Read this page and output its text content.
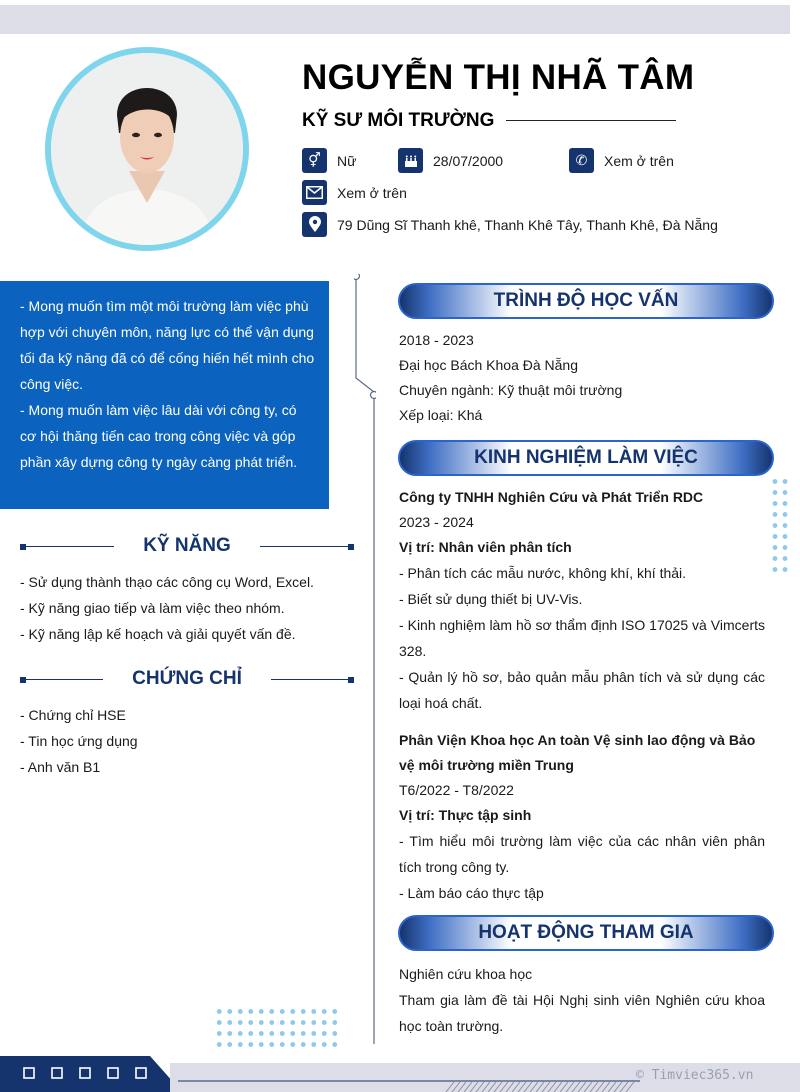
NGUYỄN THỊ NHÃ TÂM
KỸ SƯ MÔI TRƯỜNG
⚥	Nữ	28/07/2000	✆	Xem ở trên
Xem ở trên
79 Dũng Sĩ Thanh khê, Thanh Khê Tây, Thanh Khê, Đà Nẵng
- Mong muốn tìm một môi trường làm việc phù hợp với chuyên môn, năng lực có thể vận dụng tối đa kỹ năng đã có để cống hiến hết mình cho công việc.
- Mong muốn làm việc lâu dài với công ty, có cơ hội thăng tiến cao trong công việc và góp phần xây dựng công ty ngày càng phát triển.
KỸ NĂNG
- Sử dụng thành thạo các công cụ Word, Excel.
- Kỹ năng giao tiếp và làm việc theo nhóm.
- Kỹ năng lập kế hoạch và giải quyết vấn đề.
CHỨNG CHỈ
- Chứng chỉ HSE
- Tin học ứng dụng
- Anh văn B1
TRÌNH ĐỘ HỌC VẤN
2018 - 2023
Đại học Bách Khoa Đà Nẵng
Chuyên ngành: Kỹ thuật môi trường
Xếp loại: Khá
KINH NGHIỆM LÀM VIỆC
Công ty TNHH Nghiên Cứu và Phát Triển RDC
2023 - 2024
Vị trí: Nhân viên phân tích
- Phân tích các mẫu nước, không khí, khí thải.
- Biết sử dụng thiết bị UV-Vis.
- Kinh nghiệm làm hồ sơ thẩm định ISO 17025 và Vimcerts 328.
- Quản lý hồ sơ, bảo quản mẫu phân tích và sử dụng các loại hoá chất.
Phân Viện Khoa học An toàn Vệ sinh lao động và Bảo vệ môi trường miền Trung
T6/2022 - T8/2022
Vị trí: Thực tập sinh
- Tìm hiểu môi trường làm việc của các nhân viên phân tích trong công ty.
- Làm báo cáo thực tập
HOẠT ĐỘNG THAM GIA
Nghiên cứu khoa học
Tham gia làm đề tài Hội Nghị sinh viên Nghiên cứu khoa học toàn trường.
© Timviec365.vn
